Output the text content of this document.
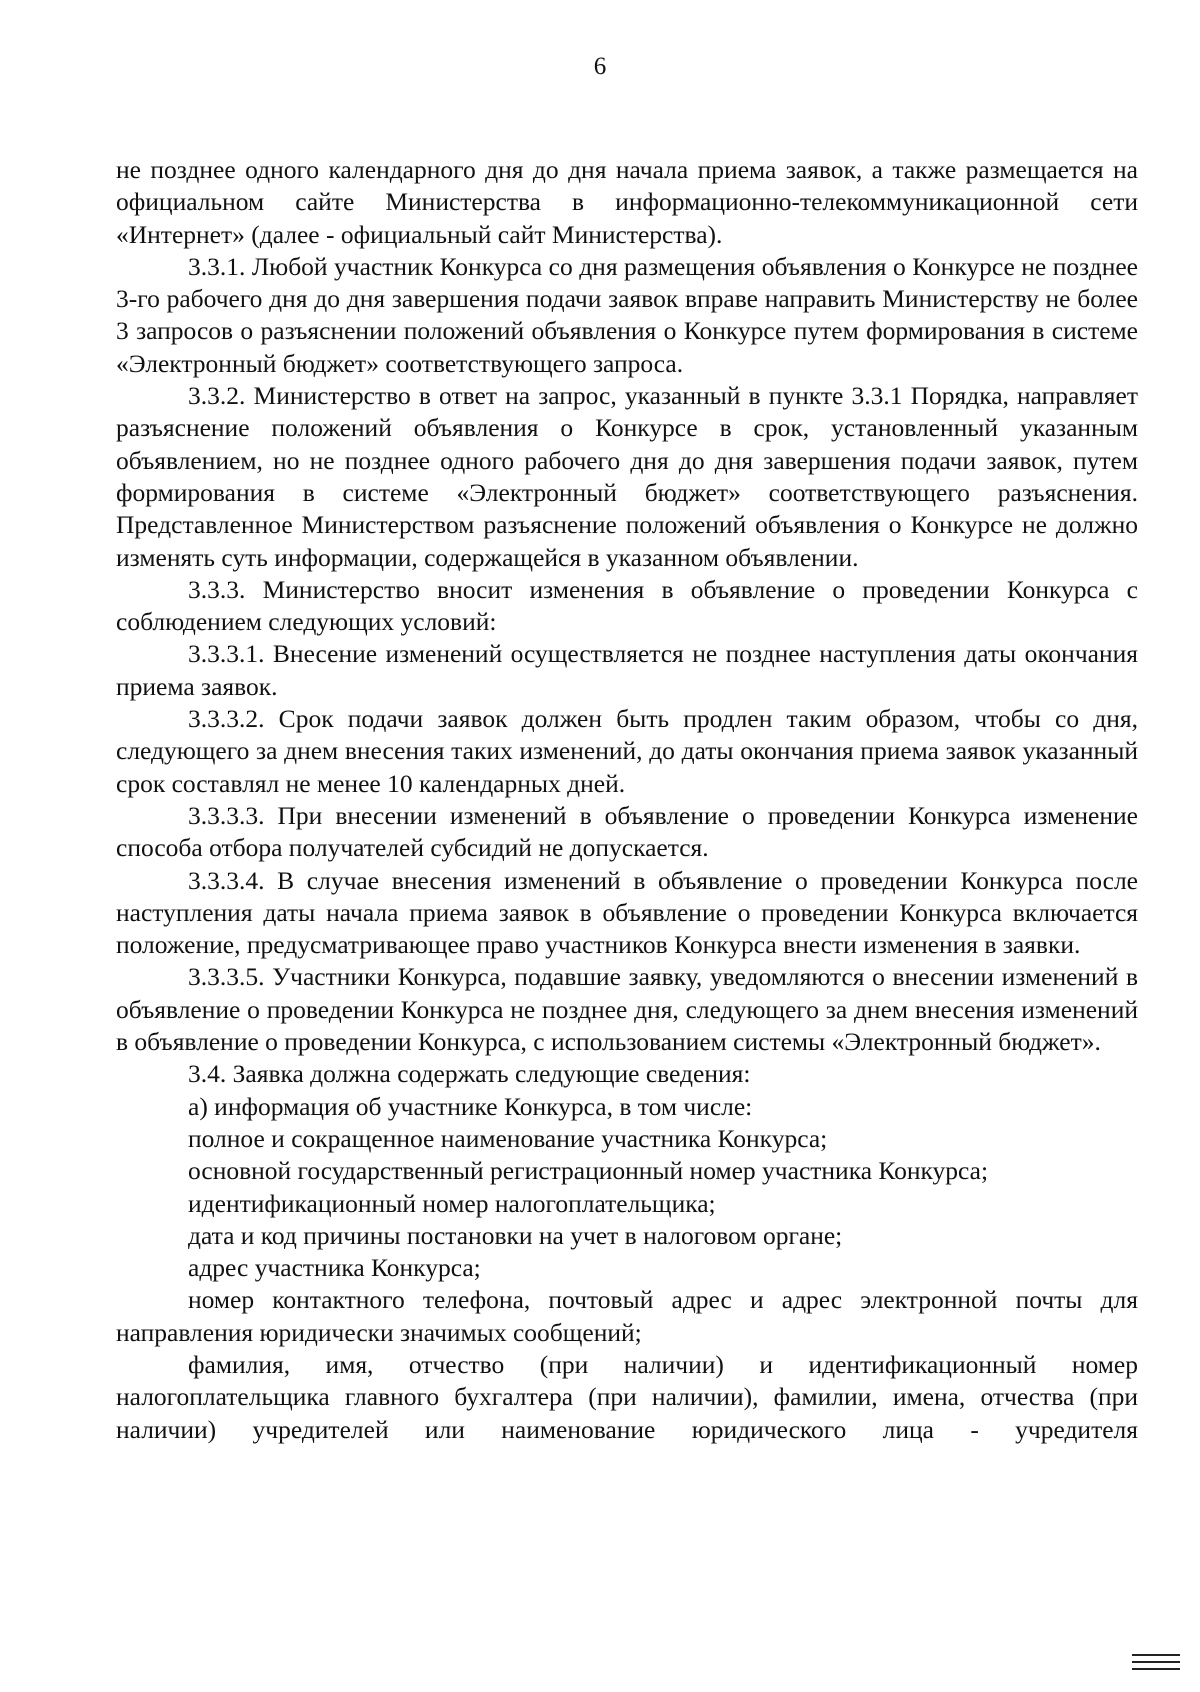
6

не позднее одного календарного дня до дня начала приема заявок, а также размещается на официальном сайте Министерства в информационно-телекоммуникационной сети «Интернет» (далее - официальный сайт Министерства).

3.3.1. Любой участник Конкурса со дня размещения объявления о Конкурсе не позднее 3-го рабочего дня до дня завершения подачи заявок вправе направить Министерству не более 3 запросов о разъяснении положений объявления о Конкурсе путем формирования в системе «Электронный бюджет» соответствующего запроса.

3.3.2. Министерство в ответ на запрос, указанный в пункте 3.3.1 Порядка, направляет разъяснение положений объявления о Конкурсе в срок, установленный указанным объявлением, но не позднее одного рабочего дня до дня завершения подачи заявок, путем формирования в системе «Электронный бюджет» соответствующего разъяснения. Представленное Министерством разъяснение положений объявления о Конкурсе не должно изменять суть информации, содержащейся в указанном объявлении.

3.3.3. Министерство вносит изменения в объявление о проведении Конкурса с соблюдением следующих условий:

3.3.3.1. Внесение изменений осуществляется не позднее наступления даты окончания приема заявок.

3.3.3.2. Срок подачи заявок должен быть продлен таким образом, чтобы со дня, следующего за днем внесения таких изменений, до даты окончания приема заявок указанный срок составлял не менее 10 календарных дней.

3.3.3.3. При внесении изменений в объявление о проведении Конкурса изменение способа отбора получателей субсидий не допускается.

3.3.3.4. В случае внесения изменений в объявление о проведении Конкурса после наступления даты начала приема заявок в объявление о проведении Конкурса включается положение, предусматривающее право участников Конкурса внести изменения в заявки.

3.3.3.5. Участники Конкурса, подавшие заявку, уведомляются о внесении изменений в объявление о проведении Конкурса не позднее дня, следующего за днем внесения изменений в объявление о проведении Конкурса, с использованием системы «Электронный бюджет».

3.4. Заявка должна содержать следующие сведения:

а) информация об участнике Конкурса, в том числе:

полное и сокращенное наименование участника Конкурса;

основной государственный регистрационный номер участника Конкурса;

идентификационный номер налогоплательщика;

дата и код причины постановки на учет в налоговом органе;

адрес участника Конкурса;

номер контактного телефона, почтовый адрес и адрес электронной почты для направления юридически значимых сообщений;

фамилия, имя, отчество (при наличии) и идентификационный номер налогоплательщика главного бухгалтера (при наличии), фамилии, имена, отчества (при наличии) учредителей или наименование юридического лица - учредителя
